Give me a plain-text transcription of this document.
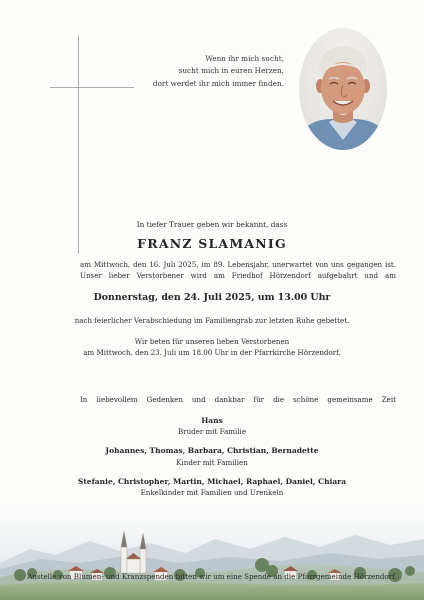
Wenn ihr mich sucht,
sucht mich in euren Herzen,
dort werdet ihr mich immer finden.
In tiefer Trauer geben wir bekannt, dass
FRANZ SLAMANIG
am Mittwoch, den 16. Juli 2025, im 89. Lebensjahr, unerwartet von uns gegangen ist.
Unser lieber Verstorbener wird am Friedhof Hörzendorf aufgebahrt und am
Donnerstag, den 24. Juli 2025, um 13.00 Uhr
nach feierlicher Verabschiedung im Familiengrab zur letzten Ruhe gebettet.
Wir beten für unseren lieben Verstorbenen
am Mittwoch, den 23. Juli um 18.00 Uhr in der Pfarrkirche Hörzendorf.
In liebevollem Gedenken und dankbar für die schöne gemeinsame Zeit
Hans
Bruder mit Familie
Johannes, Thomas, Barbara, Christian, Bernadette
Kinder mit Familien
Stefanie, Christopher, Martin, Michael, Raphael, Daniel, Chiara
Enkelkinder mit Familien und Urenkeln
Anstelle von Blumen- und Kranzspenden bitten wir um eine Spende an die Pfarrgemeinde Hörzendorf.
